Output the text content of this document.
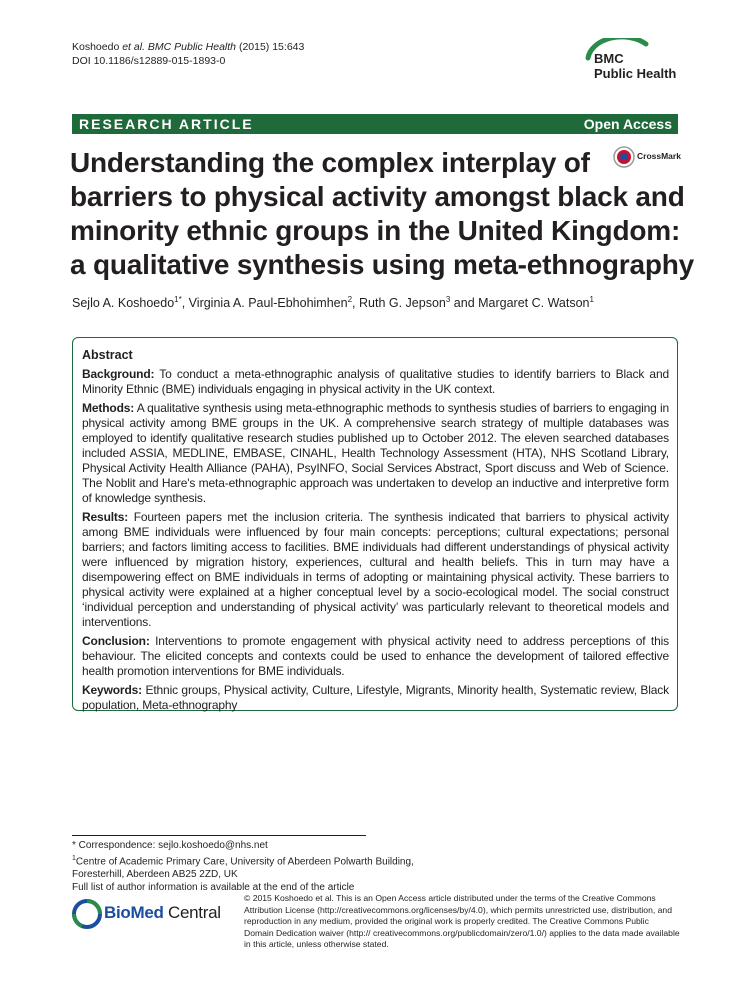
Koshoedo et al. BMC Public Health (2015) 15:643
DOI 10.1186/s12889-015-1893-0	BMC
Public Health
RESEARCH ARTICLE	Open Access
Understanding the complex interplay of
barriers to physical activity amongst black and
minority ethnic groups in the United Kingdom:
a qualitative synthesis using meta-ethnography
CrossMark
Sejlo A. Koshoedo$^{1*}$, Virginia A. Paul-Ebhohimhen$^2$, Ruth G. Jepson$^3$ and Margaret C. Watson$^1$
Abstract

Background: To conduct a meta-ethnographic analysis of qualitative studies to identify barriers to Black and Minority Ethnic (BME) individuals engaging in physical activity in the UK context.

Methods: A qualitative synthesis using meta-ethnographic methods to synthesis studies of barriers to engaging in physical activity among BME groups in the UK. A comprehensive search strategy of multiple databases was employed to identify qualitative research studies published up to October 2012. The eleven searched databases included ASSIA, MEDLINE, EMBASE, CINAHL, Health Technology Assessment (HTA), NHS Scotland Library, Physical Activity Health Alliance (PAHA), PsyINFO, Social Services Abstract, Sport discuss and Web of Science. The Noblit and Hare's meta-ethnographic approach was undertaken to develop an inductive and interpretive form of knowledge synthesis.

Results: Fourteen papers met the inclusion criteria. The synthesis indicated that barriers to physical activity among BME individuals were influenced by four main concepts: perceptions; cultural expectations; personal barriers; and factors limiting access to facilities. BME individuals had different understandings of physical activity were influenced by migration history, experiences, cultural and health beliefs. This in turn may have a disempowering effect on BME individuals in terms of adopting or maintaining physical activity. These barriers to physical activity were explained at a higher conceptual level by a socio-ecological model. The social construct ‘individual perception and understanding of physical activity’ was particularly relevant to theoretical models and interventions.

Conclusion: Interventions to promote engagement with physical activity need to address perceptions of this behaviour. The elicited concepts and contexts could be used to enhance the development of tailored effective health promotion interventions for BME individuals.

Keywords: Ethnic groups, Physical activity, Culture, Lifestyle, Migrants, Minority health, Systematic review, Black population, Meta-ethnography

* Correspondence: sejlo.koshoedo@nhs.net
$^1$Centre of Academic Primary Care, University of Aberdeen Polwarth Building,
Foresterhill, Aberdeen AB25 2ZD, UK
Full list of author information is available at the end of the article
BioMed Central
© 2015 Koshoedo et al. This is an Open Access article distributed under the terms of the Creative Commons Attribution License (http://creativecommons.org/licenses/by/4.0), which permits unrestricted use, distribution, and reproduction in any medium, provided the original work is properly credited. The Creative Commons Public Domain Dedication waiver (http:// creativecommons.org/publicdomain/zero/1.0/) applies to the data made available in this article, unless otherwise stated.
